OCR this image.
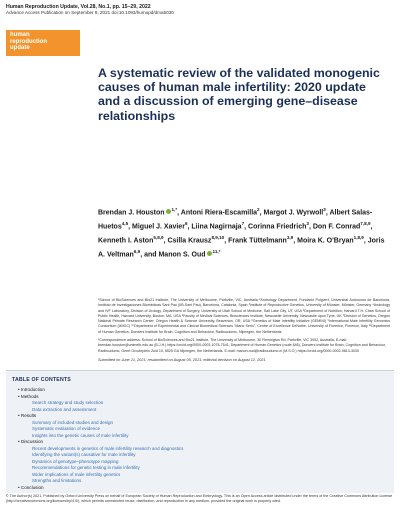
Human Reproduction Update, Vol.28, No.1, pp. 15–29, 2022
Advance Access Publication on September 8, 2021 doi:10.1093/humupd/dmab030
human
reproduction
update
A systematic review of the validated monogenic causes of human male infertility: 2020 update and a discussion of emerging gene–disease relationships

Brendan J. Houston $^{1,*}$, Antoni Riera-Escamilla$^2$, Margot J. Wyrwoll$^3$, Albert Salas-Huetos$^{4,5}$, Miguel J. Xavier$^6$, Liina Nagirnaja$^7$, Corinna Friedrich$^3$, Don F. Conrad$^{7,8,9}$, Kenneth I. Aston$^{5,8,9}$, Csilla Krausz$^{8,9,10}$, Frank Tüttelmann$^{3,9}$, Moira K. O'Bryan$^{1,8,9}$, Joris A. Veltman$^{6,9}$, and Manon S. Oud $^{11,*}$

¹School of BioSciences and Bio21 Institute, The University of Melbourne, Parkville, VIC, Australia ²Andrology Department, Fundació Puigvert, Universitat Autònoma de Barcelona, Instituto de Investigaciones Biomédicas Sant Pau (IIB-Sant Pau), Barcelona, Catalonia, Spain ³Institute of Reproductive Genetics, University of Münster, Münster, Germany ⁴Andrology and IVF Laboratory, Division of Urology, Department of Surgery, University of Utah School of Medicine, Salt Lake City, UT, USA ⁵Department of Nutrition, Harvard T.H. Chan School of Public Health, Harvard University, Boston, MA, USA ⁶Faculty of Medical Sciences, Biosciences Institute, Newcastle University, Newcastle upon Tyne, UK ⁷Division of Genetics, Oregon National Primate Research Center, Oregon Health & Science University, Beaverton, OR, USA ⁸Genetics of Male Infertility Initiative (GEMINI) ⁹International Male Infertility Genomics Consortium (IMIGC) ¹⁰Department of Experimental and Clinical Biomedical Sciences "Mario Serio", Centre of Excellence DeNothe, University of Florence, Florence, Italy ¹¹Department of Human Genetics, Donders Institute for Brain, Cognition and Behaviour, Radboudumc, Nijmegen, the Netherlands

*Correspondence address. School of BioSciences and Bio21 Institute, The University of Melbourne, 30 Flemington Rd, Parkville, VIC 3052, Australia. E-mail: brendan.houston@unimelb.edu.au (B.J.H.) https://orcid.org/0000-0003-1078-7541; Department of Human Genetics (route 846), Donders Institute for Brain, Cognition and Behaviour, Radboudumc, Geert Grooteplein Zuid 10, 6525 GA Nijmegen, the Netherlands. E-mail: manon.oud@radboudumc.nl (M.S.O.) https://orcid.org/0000-0002-9813-3030

Submitted on June 21, 2021; resubmitted on August 05, 2021; editorial decision on August 12, 2021

TABLE OF CONTENTS
• Introduction
• Methods
Search strategy and study selection
Data extraction and assessment
• Results
Summary of included studies and design
Systematic evaluation of evidence
Insights into the genetic causes of male infertility
• Discussion
Recent developments in genetics of male infertility research and diagnostics
Identifying the variant(s) causative for male infertility
Dynamics of genotype–phenotype mapping
Recommendations for genetic testing in male infertility
Wider implications of male infertility genetics
Strengths and limitations
• Conclusion

© The Author(s) 2021. Published by Oxford University Press on behalf of European Society of Human Reproduction and Embryology. This is an Open Access article distributed under the terms of the Creative Commons Attribution License (http://creativecommons.org/licenses/by/4.0/), which permits unrestricted reuse, distribution, and reproduction in any medium, provided the original work is properly cited.
